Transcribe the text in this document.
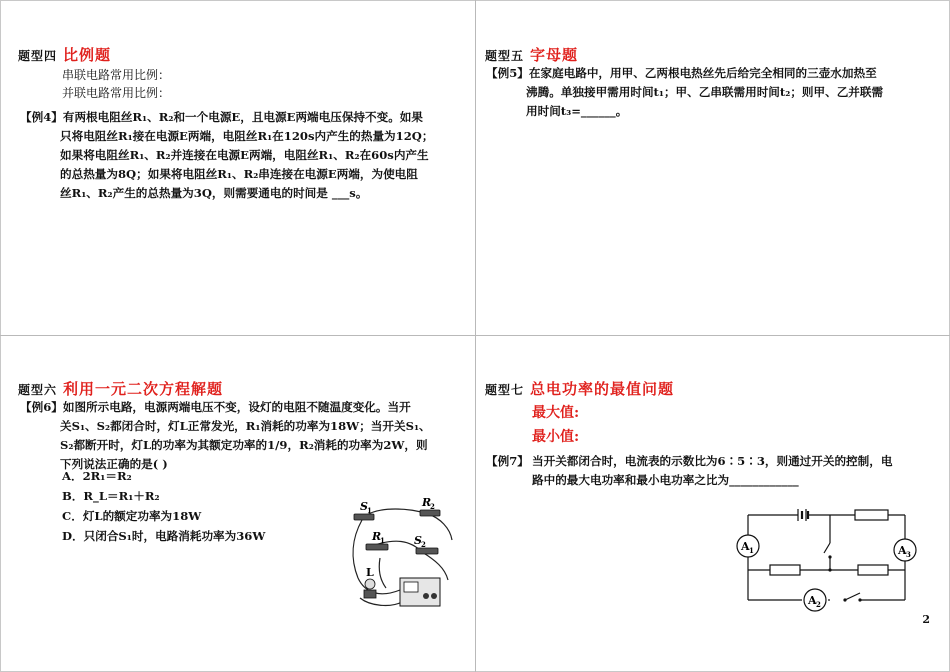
题型四 比例题
串联电路常用比例：
并联电路常用比例：
【例4】 有两根电阻丝R₁、R₂和一个电源E，且电源E两端电压保持不变。如果

只将电阻丝R₁接在电源E两端，电阻丝R₁在120s内产生的热量为12Q；

如果将电阻丝R₁、R₂并连接在电源E两端，电阻丝R₁、R₂在60s内产生

的总热量为8Q；如果将电阻丝R₁、R₂串连接在电源E两端，为使电阻

丝R₁、R₂产生的总热量为3Q，则需要通电的时间是 ___s。

题型五 字母题
【例5】 在家庭电路中，用甲、乙两根电热丝先后给完全相同的三壶水加热至

沸腾。单独接甲需用时间t₁；甲、乙串联需用时间t₂；则甲、乙并联需

用时间t₃=______。

题型六 利用一元二次方程解题
【例6】 如图所示电路，电源两端电压不变，设灯的电阻不随温度变化。当开

关S₁、S₂都闭合时，灯L正常发光，R₁消耗的功率为18W；当开关S₁、

S₂都断开时，灯L的功率为其额定功率的1/9，R₂消耗的功率为2W，则

下列说法正确的是( )

A．2R₁＝R₂
B．R_L＝R₁＋R₂
C．灯L的额定功率为18W
D．只闭合S₁时，电路消耗功率为36W
S 1
R
2
R
1	S 2
L
题型七 总电功率的最值问题
最大值:
最小值:
【例7】 当开关都闭合时，电流表的示数比为6∶5∶3，则通过开关的控制，电

路中的最大电功率和最小电功率之比为____________

A 1	A 3
A 2
2
